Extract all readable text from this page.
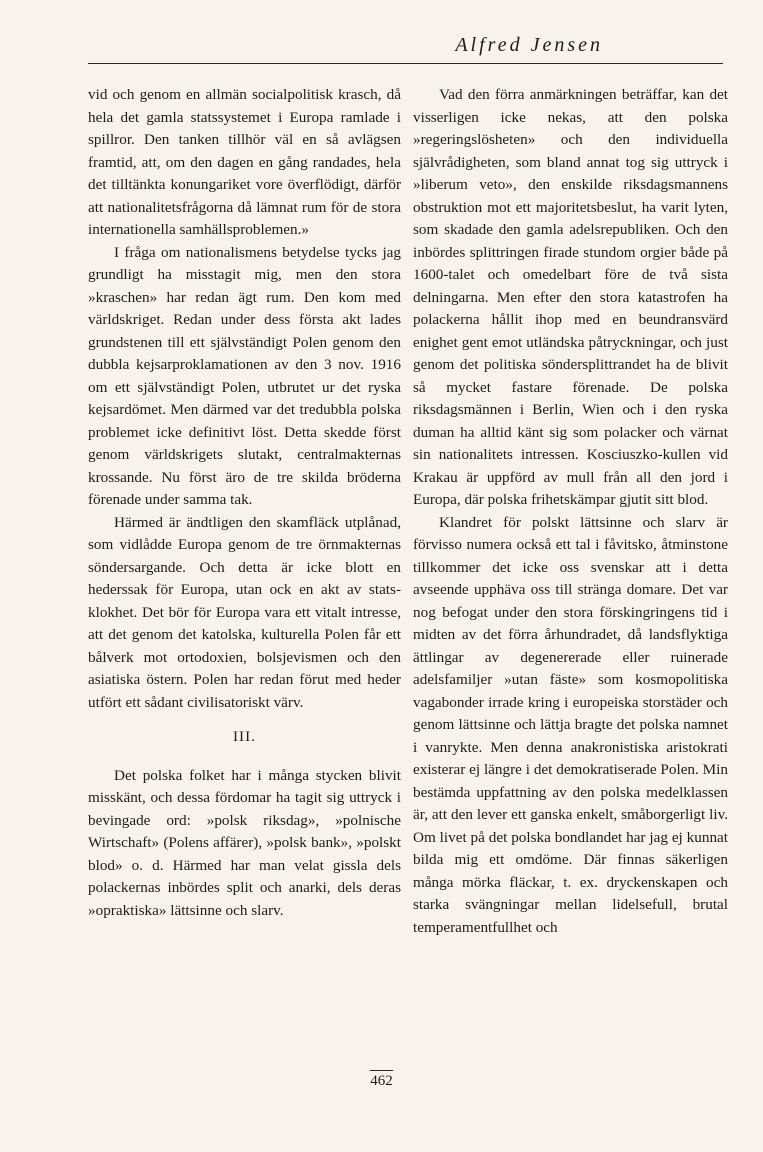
Alfred Jensen

vid och genom en allmän socialpolitisk krasch, då hela det gamla statssystemet i Europa ramlade i spillror. Den tanken tillhör väl en så avlägsen framtid, att, om den dagen en gång randades, hela det tilltänkta konungariket vore överflödigt, därför att nationalitetsfrågorna då lämnat rum för de stora internationella samhällsproblemen.»

I fråga om nationalismens betydelse tycks jag grundligt ha misstagit mig, men den stora »kraschen» har redan ägt rum. Den kom med världskriget. Redan under dess första akt lades grundstenen till ett självständigt Polen genom den dubbla kejsarproklamationen av den 3 nov. 1916 om ett självständigt Polen, utbrutet ur det ryska kejsardömet. Men därmed var det tredubbla polska problemet icke definitivt löst. Detta skedde först genom världskrigets slutakt, centralmakternas krossande. Nu först äro de tre skilda bröderna förenade under samma tak.

Härmed är ändtligen den skamfläck utplånad, som vidlådde Europa genom de tre örnmakternas söndersargande. Och detta är icke blott en hederssak för Europa, utan ock en akt av statsklokhet. Det bör för Europa vara ett vitalt intresse, att det genom det katolska, kulturella Polen får ett bålverk mot ortodoxien, bolsjevismen och den asiatiska östern. Polen har redan förut med heder utfört ett sådant civilisatoriskt värv.

III.

Det polska folket har i många stycken blivit misskänt, och dessa fördomar ha tagit sig uttryck i bevingade ord: »polsk riksdag», »polnische Wirtschaft» (Polens affärer), »polsk bank», »polskt blod» o. d. Härmed har man velat gissla dels polackernas inbördes split och anarki, dels deras »opraktiska» lättsinne och slarv.

Vad den förra anmärkningen beträffar, kan det visserligen icke nekas, att den polska »regeringslösheten» och den individuella självrådigheten, som bland annat tog sig uttryck i »liberum veto», den enskilde riksdagsmannens obstruktion mot ett majoritetsbeslut, ha varit lyten, som skadade den gamla adelsrepubliken. Och den inbördes splittringen firade stundom orgier både på 1600-talet och omedelbart före de två sista delningarna. Men efter den stora katastrofen ha polackerna hållit ihop med en beundransvärd enighet gent emot utländska påtryckningar, och just genom det politiska söndersplittrandet ha de blivit så mycket fastare förenade. De polska riksdagsmännen i Berlin, Wien och i den ryska duman ha alltid känt sig som polacker och värnat sin nationalitets intressen. Kosciuszko-kullen vid Krakau är uppförd av mull från all den jord i Europa, där polska frihetskämpar gjutit sitt blod.

Klandret för polskt lättsinne och slarv är förvisso numera också ett tal i fåvitsko, åtminstone tillkommer det icke oss svenskar att i detta avseende upphäva oss till stränga domare. Det var nog befogat under den stora förskingringens tid i midten av det förra århundradet, då landsflyktiga ättlingar av degenererade eller ruinerade adelsfamiljer »utan fäste» som kosmopolitiska vagabonder irrade kring i europeiska storstäder och genom lättsinne och lättja bragte det polska namnet i vanrykte. Men denna anakronistiska aristokrati existerar ej längre i det demokratiserade Polen. Min bestämda uppfattning av den polska medelklassen är, att den lever ett ganska enkelt, småborgerligt liv. Om livet på det polska bondlandet har jag ej kunnat bilda mig ett omdöme. Där finnas säkerligen många mörka fläckar, t. ex. dryckenskapen och starka svängningar mellan lidelsefull, brutal temperamentfullhet och

462
